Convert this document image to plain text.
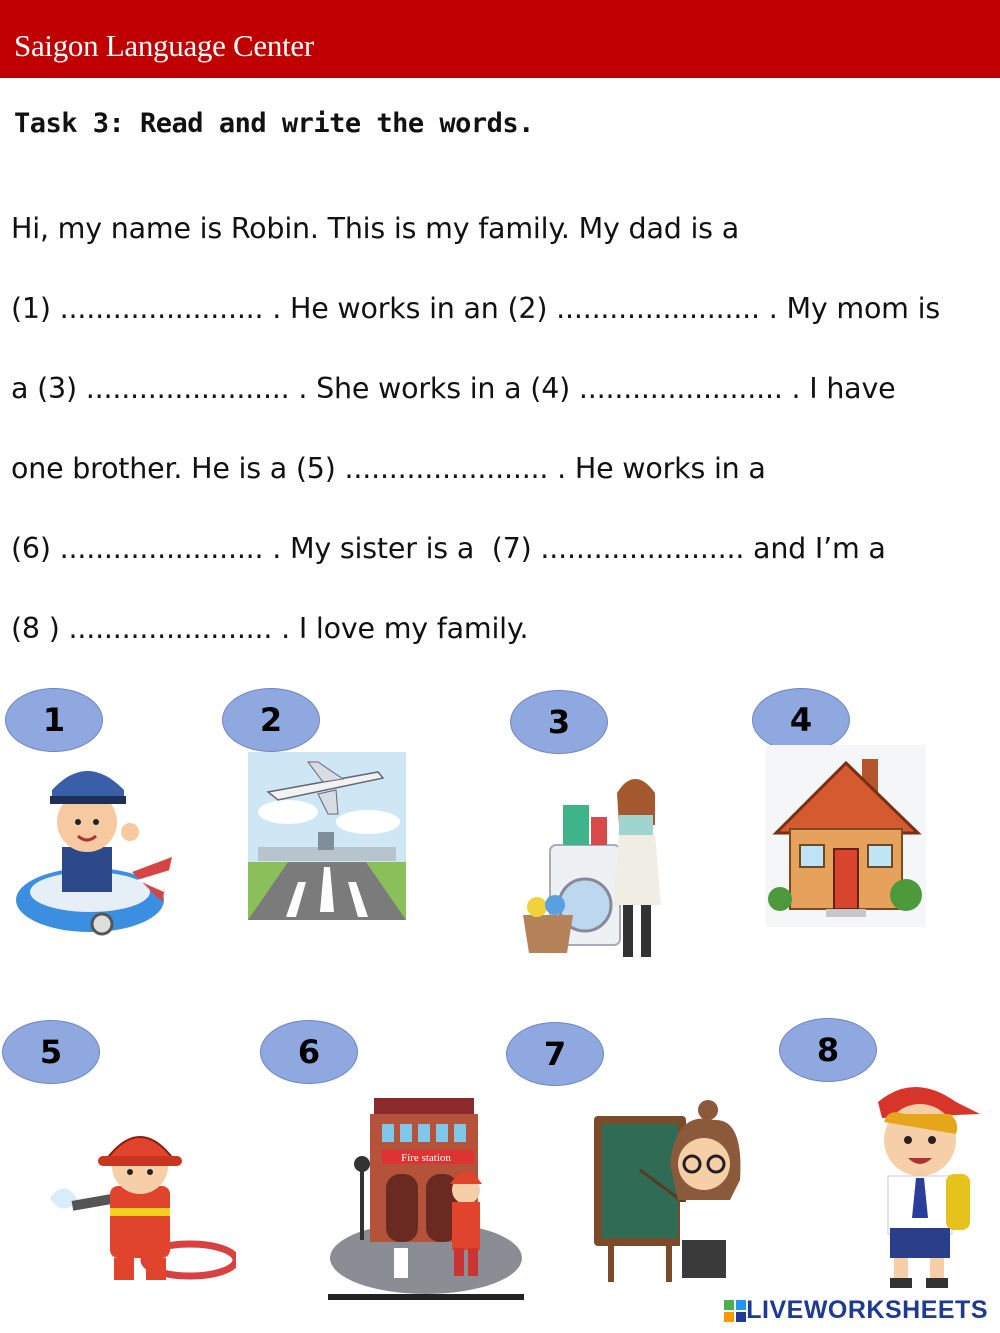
Saigon Language Center
Task 3: Read and write the words.
Hi, my name is Robin. This is my family. My dad is a
(1) ....................... . He works in an (2) ....................... . My mom is
a (3) ....................... . She works in a (4) ....................... . I have
one brother. He is a (5) ....................... . He works in a
(6) ....................... . My sister is a  (7) ....................... and I’m a
(8 ) ....................... . I love my family.
1	2	3	4
5	6	7	8
Fire station
LIVEWORKSHEETS
